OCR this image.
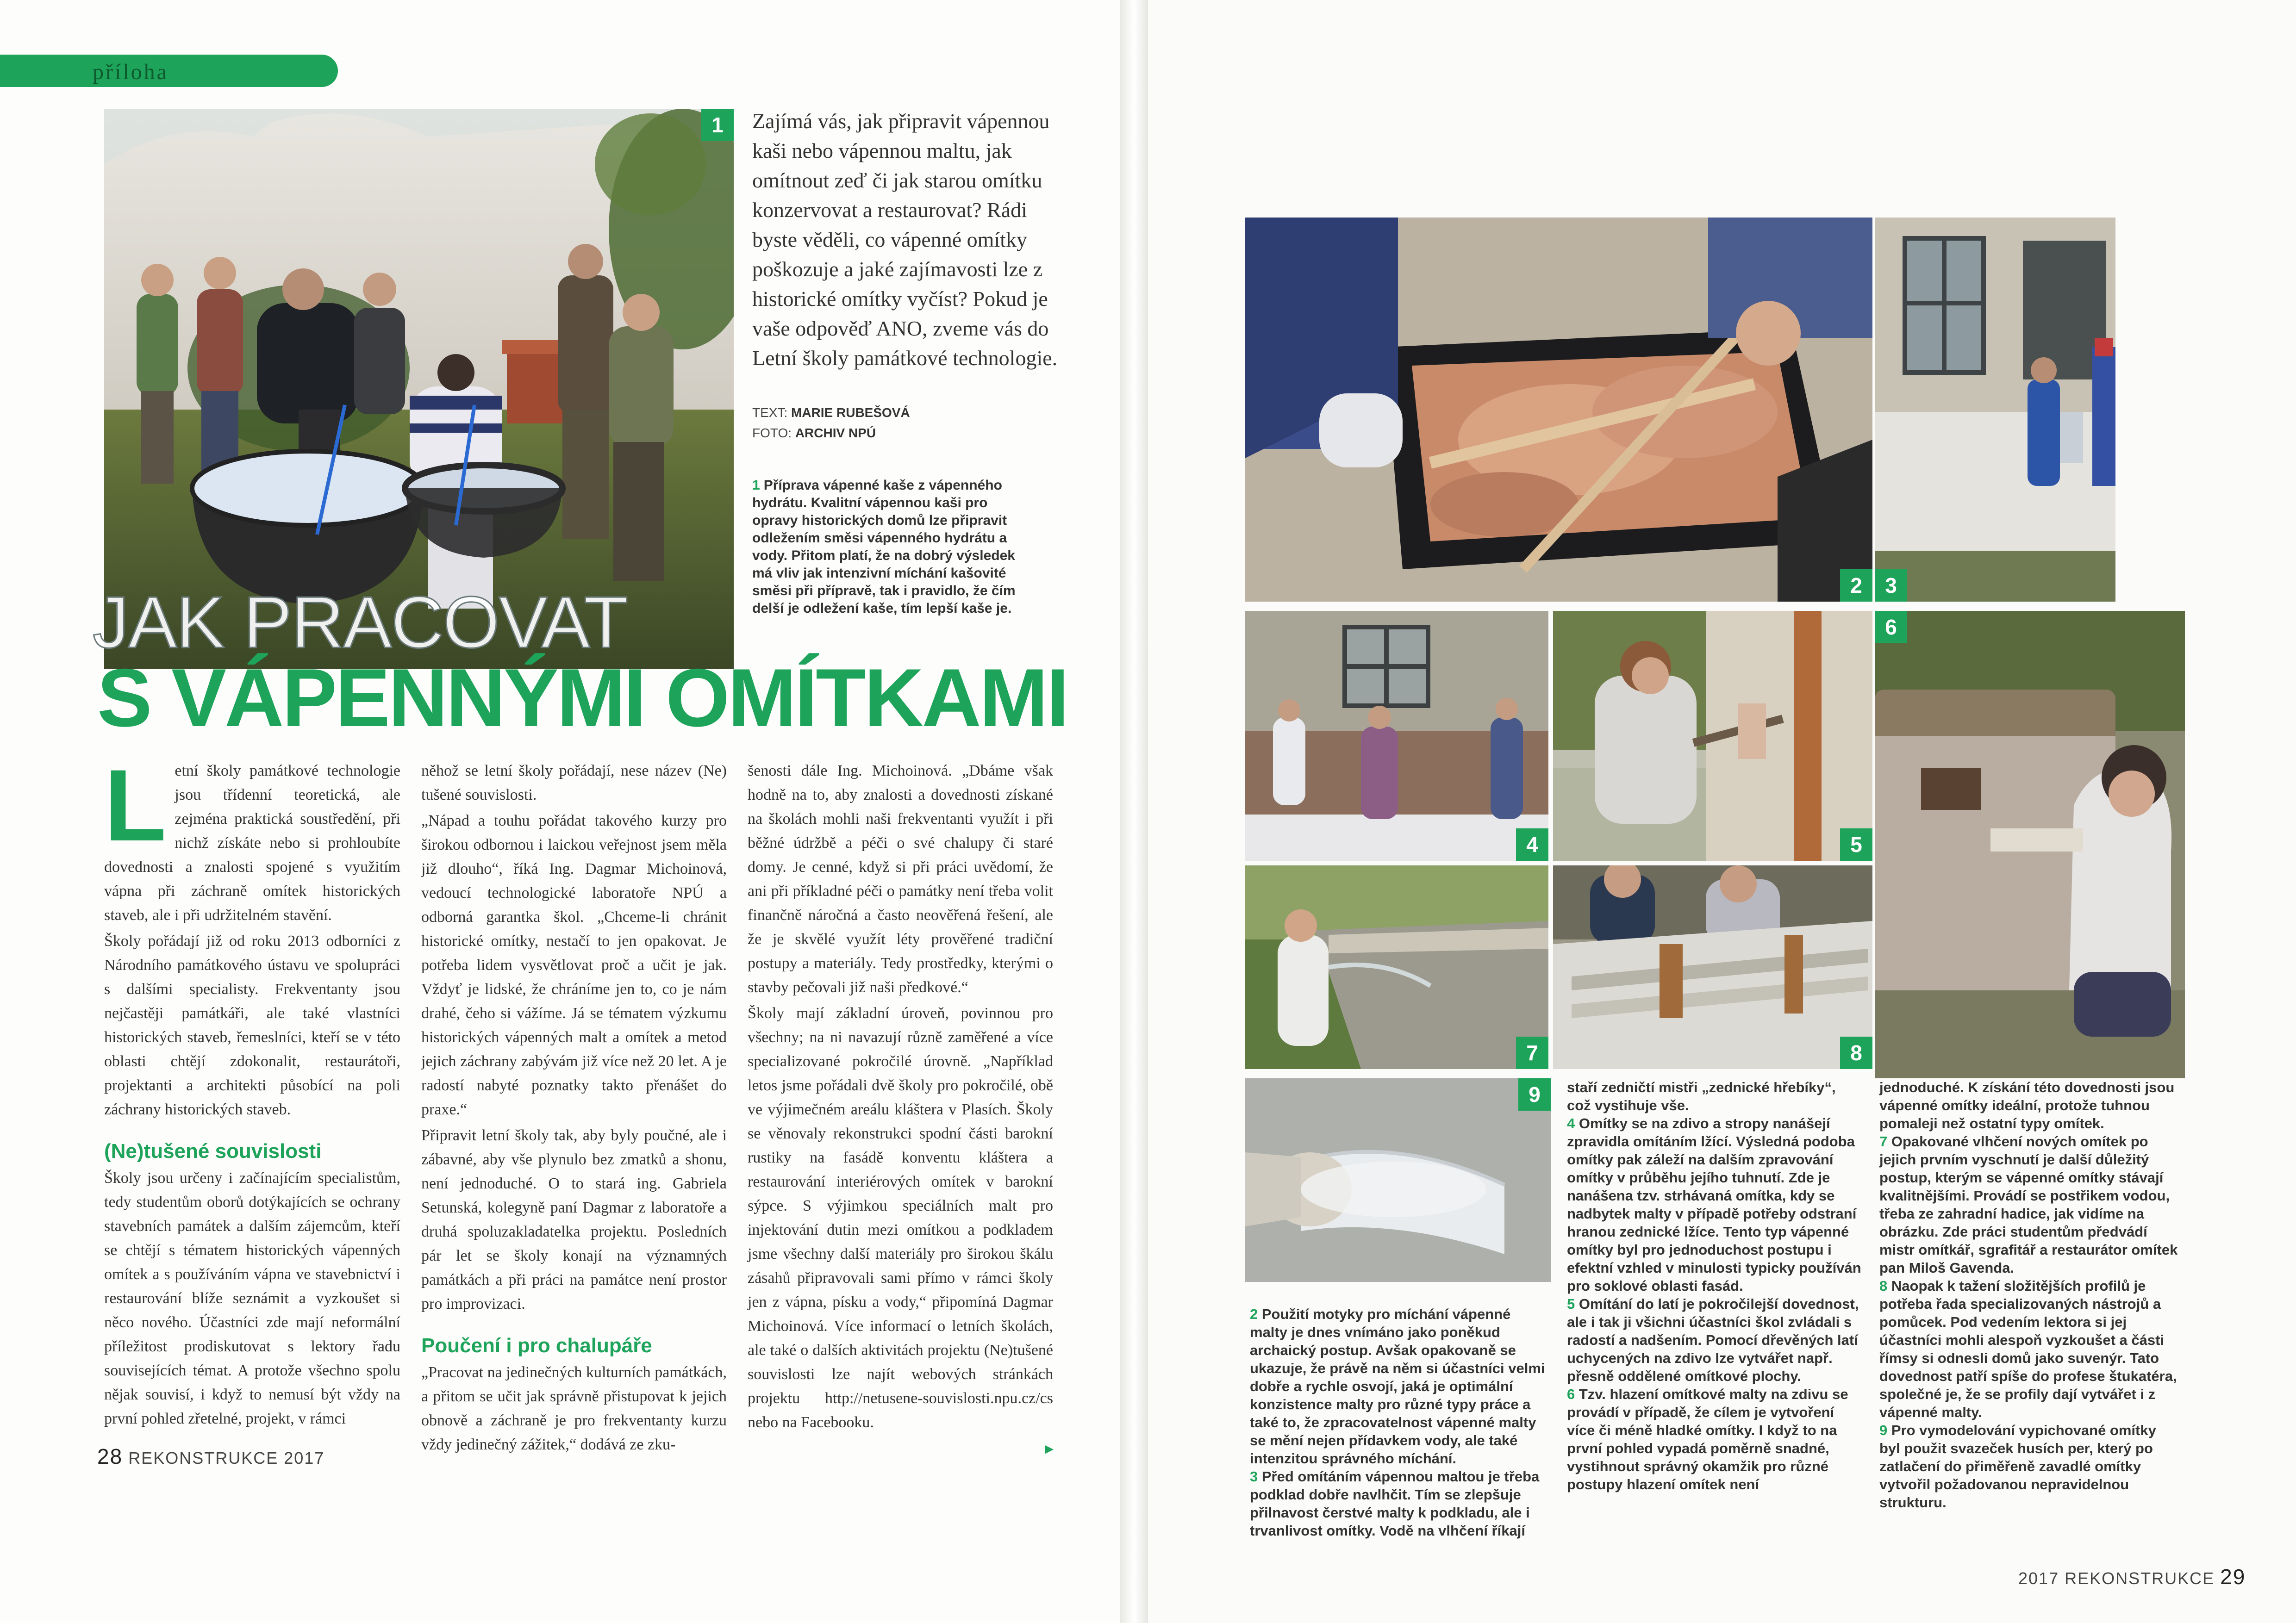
příloha
1	Zajímá vás, jak připravit vápennou kaši nebo vápennou maltu, jak omítnout zeď či jak starou omítku konzervovat a restaurovat? Rádi byste věděli, co vápenné omítky poškozuje a jaké zajímavosti lze z historické omítky vyčíst? Pokud je vaše odpověď ANO, zveme vás do Letní školy památkové technologie.
TEXT: MARIE RUBEŠOVÁ
FOTO: ARCHIV NPÚ
1 Příprava vápenné kaše z vápenného hydrátu. Kvalitní vápennou kaši pro opravy historických domů lze připravit odležením směsi vápenného hydrátu a vody. Přitom platí, že na dobrý výsledek má vliv jak intenzivní míchání kašovité směsi při přípravě, tak i pravidlo, že čím delší je odležení kaše, tím lepší kaše je.
JAK PRACOVAT
S VÁPENNÝMI OMÍTKAMI
L etní školy památkové technologie jsou třídenní teoretická, ale zejména praktická soustředění, při nichž získáte nebo si prohloubíte dovednosti a znalosti spojené s využitím vápna při záchraně omítek historických staveb, ale i při udržitelném stavění.

Školy pořádají již od roku 2013 odborníci z Národního památkového ústavu ve spolupráci s dalšími specialisty. Frekventanty jsou nejčastěji památkáři, ale také vlastníci historických staveb, řemeslníci, kteří se v této oblasti chtějí zdokonalit, restaurátoři, projektanti a architekti působící na poli záchrany historických staveb.

(Ne)tušené souvislosti

Školy jsou určeny i začínajícím specialistům, tedy studentům oborů dotýkajících se ochrany stavebních památek a dalším zájemcům, kteří se chtějí s tématem historických vápenných omítek a s používáním vápna ve stavebnictví i restaurování blíže seznámit a vyzkoušet si něco nového. Účastníci zde mají neformální příležitost prodiskutovat s lektory řadu souvisejících témat. A protože všechno spolu nějak souvisí, i když to nemusí být vždy na první pohled zřetelné, projekt, v rámci

něhož se letní školy pořádají, nese název (Ne) tušené souvislosti.

„Nápad a touhu pořádat takového kurzy pro širokou odbornou i laickou veřejnost jsem měla již dlouho“, říká Ing. Dagmar Michoinová, vedoucí technologické laboratoře NPÚ a odborná garantka škol. „Chceme-li chránit historické omítky, nestačí to jen opakovat. Je potřeba lidem vysvětlovat proč a učit je jak. Vždyť je lidské, že chráníme jen to, co je nám drahé, čeho si vážíme. Já se tématem výzkumu historických vápenných malt a omítek a metod jejich záchrany zabývám již více než 20 let. A je radostí nabyté poznatky takto přenášet do praxe.“

Připravit letní školy tak, aby byly poučné, ale i zábavné, aby vše plynulo bez zmatků a shonu, není jednoduché. O to stará ing. Gabriela Setunská, kolegyně paní Dagmar z laboratoře a druhá spoluzakladatelka projektu. Posledních pár let se školy konají na významných památkách a při práci na památce není prostor pro improvizaci.

Poučení i pro chalupáře

„Pracovat na jedinečných kulturních památkách, a přitom se učit jak správně přistupovat k jejich obnově a záchraně je pro frekventanty kurzu vždy jedinečný zážitek,“ dodává ze zku-

šenosti dále Ing. Michoinová. „Dbáme však hodně na to, aby znalosti a dovednosti získané na školách mohli naši frekventanti využít i při běžné údržbě a péči o své chalupy či staré domy. Je cenné, když si při práci uvědomí, že ani při příkladné péči o památky není třeba volit finančně náročná a často neověřená řešení, ale že je skvělé využít léty prověřené tradiční postupy a materiály. Tedy prostředky, kterými o stavby pečovali již naši předkové.“

Školy mají základní úroveň, povinnou pro všechny; na ni navazují různě zaměřené a více specializované pokročilé úrovně. „Například letos jsme pořádali dvě školy pro pokročilé, obě ve výjimečném areálu kláštera v Plasích. Školy se věnovaly rekonstrukci spodní části barokní rustiky na fasádě konventu kláštera a restaurování interiérových omítek v barokní sýpce. S výjimkou speciálních malt pro injektování dutin mezi omítkou a podkladem jsme všechny další materiály pro širokou škálu zásahů připravovali sami přímo v rámci školy jen z vápna, písku a vody,“ připomíná Dagmar Michoinová. Více informací o letních školách, ale také o dalších aktivitách projektu (Ne)tušené souvislosti lze najít webových stránkách projektu http://netusene-souvislosti.npu.cz/cs nebo na Facebooku.

▸

28 REKONSTRUKCE 2017
2	3
4	5
6
7	8
9

2 Použití motyky pro míchání vápenné malty je dnes vnímáno jako poněkud archaický postup. Avšak opakovaně se ukazuje, že právě na něm si účastníci velmi dobře a rychle osvojí, jaká je optimální konzistence malty pro různé typy práce a také to, že zpracovatelnost vápenné malty se mění nejen přídavkem vody, ale také intenzitou správného míchání.

3 Před omítáním vápennou maltou je třeba podklad dobře navlhčit. Tím se zlepšuje přilnavost čerstvé malty k podkladu, ale i trvanlivost omítky. Vodě na vlhčení říkají

staří zedničtí mistři „zednické hřebíky“, což vystihuje vše.

4 Omítky se na zdivo a stropy nanášejí zpravidla omítáním lžící. Výsledná podoba omítky pak záleží na dalším zpravování omítky v průběhu jejího tuhnutí. Zde je nanášena tzv. strhávaná omítka, kdy se nadbytek malty v případě potřeby odstraní hranou zednické lžíce. Tento typ vápenné omítky byl pro jednoduchost postupu i efektní vzhled v minulosti typicky používán pro soklové oblasti fasád.

5 Omítání do latí je pokročilejší dovednost, ale i tak ji všichni účastníci škol zvládali s radostí a nadšením. Pomocí dřevěných latí uchycených na zdivo lze vytvářet např. přesně oddělené omítkové plochy.

6 Tzv. hlazení omítkové malty na zdivu se provádí v případě, že cílem je vytvoření více či méně hladké omítky. I když to na první pohled vypadá poměrně snadné, vystihnout správný okamžik pro různé postupy hlazení omítek není

jednoduché. K získání této dovednosti jsou vápenné omítky ideální, protože tuhnou pomaleji než ostatní typy omítek.

7 Opakované vlhčení nových omítek po jejich prvním vyschnutí je další důležitý postup, kterým se vápenné omítky stávají kvalitnějšími. Provádí se postřikem vodou, třeba ze zahradní hadice, jak vidíme na obrázku. Zde práci studentům předvádí mistr omítkář, sgrafitář a restaurátor omítek pan Miloš Gavenda.

8 Naopak k tažení složitějších profilů je potřeba řada specializovaných nástrojů a pomůcek. Pod vedením lektora si jej účastníci mohli alespoň vyzkoušet a části římsy si odnesli domů jako suvenýr. Tato dovednost patří spíše do profese štukatéra, společné je, že se profily dají vytvářet i z vápenné malty.

9 Pro vymodelování vypichované omítky byl použit svazeček husích per, který po zatlačení do přiměřeně zavadlé omítky vytvořil požadovanou nepravidelnou strukturu.

2017 REKONSTRUKCE 29
